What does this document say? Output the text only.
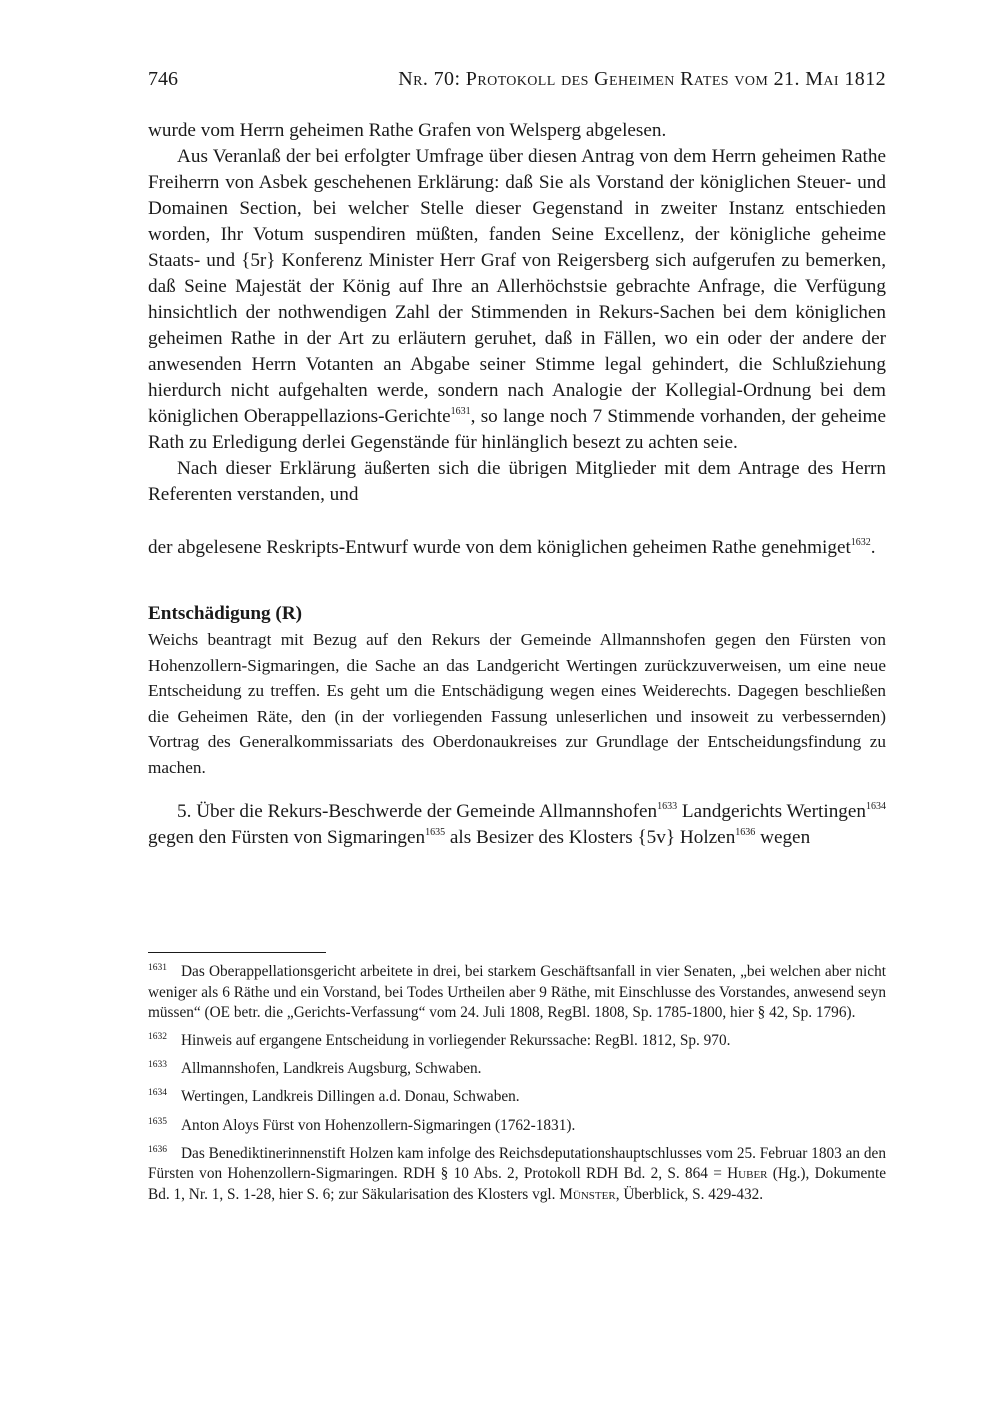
746	Nr. 70: Protokoll des Geheimen Rates vom 21. Mai 1812

wurde vom Herrn geheimen Rathe Grafen von Welsperg abgelesen.

Aus Veranlaß der bei erfolgter Umfrage über diesen Antrag von dem Herrn geheimen Rathe Freiherrn von Asbek geschehenen Erklärung: daß Sie als Vorstand der königlichen Steuer- und Domainen Section, bei welcher Stelle dieser Gegenstand in zweiter Instanz entschieden worden, Ihr Votum suspendiren müßten, fanden Seine Excellenz, der königliche geheime Staats- und {5r} Konferenz Minister Herr Graf von Reigersberg sich aufgerufen zu bemerken, daß Seine Majestät der König auf Ihre an Allerhöchstsie gebrachte Anfrage, die Verfügung hinsichtlich der nothwendigen Zahl der Stimmenden in Rekurs-Sachen bei dem königlichen geheimen Rathe in der Art zu erläutern geruhet, daß in Fällen, wo ein oder der andere der anwesenden Herrn Votanten an Abgabe seiner Stimme legal gehindert, die Schlußziehung hierdurch nicht aufgehalten werde, sondern nach Analogie der Kollegial-Ordnung bei dem königlichen Oberappellazions-Gerichte$^{1631}$, so lange noch 7 Stimmende vorhanden, der geheime Rath zu Erledigung derlei Gegenstände für hinlänglich besezt zu achten seie.

Nach dieser Erklärung äußerten sich die übrigen Mitglieder mit dem Antrage des Herrn Referenten verstanden, und

der abgelesene Reskripts-Entwurf wurde von dem königlichen geheimen Rathe genehmiget$^{1632}$.

Entschädigung (R)

Weichs beantragt mit Bezug auf den Rekurs der Gemeinde Allmannshofen gegen den Fürsten von Hohenzollern-Sigmaringen, die Sache an das Landgericht Wertingen zurückzuverweisen, um eine neue Entscheidung zu treffen. Es geht um die Entschädigung wegen eines Weiderechts. Dagegen beschließen die Geheimen Räte, den (in der vorliegenden Fassung unleserlichen und insoweit zu verbessernden) Vortrag des Generalkommissariats des Oberdonaukreises zur Grundlage der Entscheidungsfindung zu machen.

5. Über die Rekurs-Beschwerde der Gemeinde Allmannshofen$^{1633}$ Landgerichts Wertingen$^{1634}$ gegen den Fürsten von Sigmaringen$^{1635}$ als Besizer des Klosters {5v} Holzen$^{1636}$ wegen

$^{1631}$ Das Oberappellationsgericht arbeitete in drei, bei starkem Geschäftsanfall in vier Senaten, „bei welchen aber nicht weniger als 6 Räthe und ein Vorstand, bei Todes Urtheilen aber 9 Räthe, mit Einschlusse des Vorstandes, anwesend seyn müssen“ (OE betr. die „Gerichts-Verfassung“ vom 24. Juli 1808, RegBl. 1808, Sp. 1785-1800, hier § 42, Sp. 1796).

$^{1632}$ Hinweis auf ergangene Entscheidung in vorliegender Rekurssache: RegBl. 1812, Sp. 970.

$^{1633}$ Allmannshofen, Landkreis Augsburg, Schwaben.

$^{1634}$ Wertingen, Landkreis Dillingen a.d. Donau, Schwaben.

$^{1635}$ Anton Aloys Fürst von Hohenzollern-Sigmaringen (1762-1831).

$^{1636}$ Das Benediktinerinnenstift Holzen kam infolge des Reichsdeputationshauptschlusses vom 25. Februar 1803 an den Fürsten von Hohenzollern-Sigmaringen. RDH § 10 Abs. 2, Protokoll RDH Bd. 2, S. 864 = Huber (Hg.), Dokumente Bd. 1, Nr. 1, S. 1-28, hier S. 6; zur Säkularisation des Klosters vgl. Münster, Überblick, S. 429-432.
